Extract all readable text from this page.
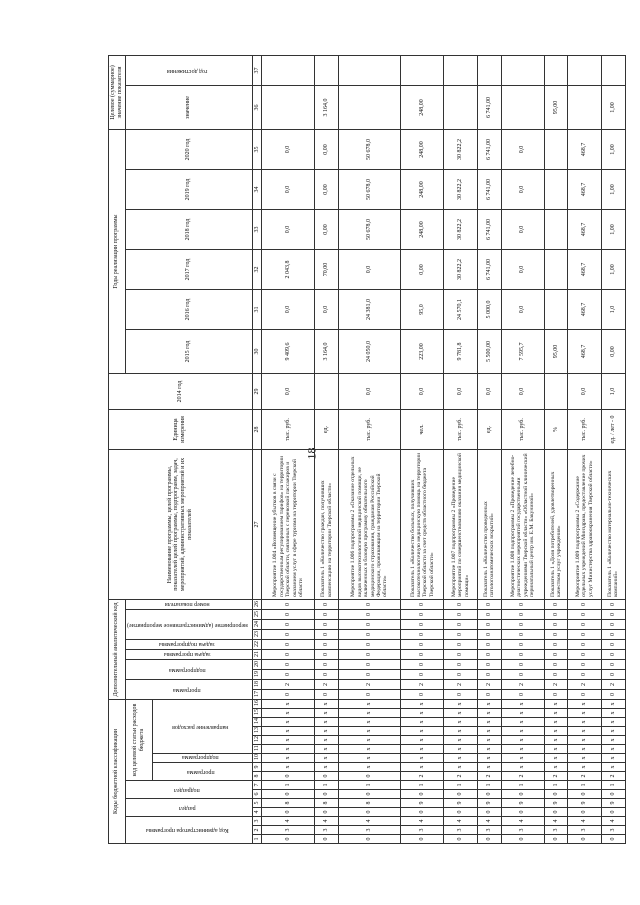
18
Коды бюджетной классификации																Дополнительный аналитический код										Наименование программы, целей программы, показателей целей программы, подпрограмм, задач, мероприятий, административных мероприятий и их показателей	Единица измерения	2014 год	Годы реализации программы						Целевое (суммарное) значение показателя	
Код администратора программы			раздел		подраздел		код целевой статьи расходов бюджета									программа		подпрограмма		задача программы	задача подпрограммы	мероприятие (административное мероприятие)			номер показателя				2015 год	2016 год	2017 год	2018 год	2019 год	2020 год	значение	год достижения
							программа		подпрограмма	направление расходов																										
1	2	3	4	5	6	7	8	9	10	11	12	13	14	15	16	17	18	19	20	21	22	23	24	25	26	27	28	29	30	31	32	33	34	35	36	37
0	3	4	0	8	0	1	0	x	x	x	x	x	x	x	x	0	2	0	0	0	0	0	0	0	0	Мероприятие 1.004 «Возмещение убытков в связи с государственным регулированием тарифов» на территории Тверской области, связанных с перевозкой пассажиров и оказанием услуг в сфере туризма на территории Тверской области	тыс. руб.	0,0	9 409,6	0,0	2 043,8	0,0	0,0	0,0		
0	3	4	0	8	0	1	0	x	x	x	x	x	x	x	x	0	2	0	0	0	0	0	0	0	0	Показатель 1 «Количество граждан, получивших компенсацию на территории Тверской области»	ед.		3 164,0	0,0	70,00	0,00	0,00	0,00	3 164,0	
0	3	4	0	8	0	1	0	x	x	x	x	x	x	x	x	0	2	0	0	0	0	0	0	0	0	Мероприятие 1.006 подпрограммы 2 «Оказание отдельных видов высокотехнологичной медицинской помощи, не включенных в базовую программу обязательного медицинского страхования, гражданам Российской Федерации, проживающим на территории Тверской области»	тыс. руб.	0,0	24 050,0	24 381,0	0,0	50 678,0	50 678,0	50 678,0		
0	3	4	0	9	0	1	2	x	x	x	x	x	x	x	x	0	2	0	0	0	0	0	0	0	0	Показатель 1 «Количество больных, получивших высокотехнологичную медицинскую помощь на территории Тверской области за счет средств областного бюджета Тверской области»	чел.	0,0	223,00	95,0	0,00	248,00	248,00	248,00	248,00	
0	3	4	0	9	0	1	2	x	x	x	x	x	x	x	x	0	2	0	0	0	0	0	0	0	0	Мероприятие 1.007 подпрограммы 2 «Проведение мероприятий по совершенствованию оказания медицинской помощи»	тыс. руб.	0,0	9 781,8	24 570,1	30 822,2	30 822,2	30 822,2	30 822,2		
0	3	4	0	9	0	1	2	x	x	x	x	x	x	x	x	0	2	0	0	0	0	0	0	0	0	Показатель 1 «Количество проведенных патологоанатомических вскрытий»	ед.	0,0	5 500,00	5 000,0	6 741,00	6 741,00	6 741,00	6 741,00	6 741,00	
0	3	4	0	9	0	1	2	x	x	x	x	x	x	x	x	0	2	0	0	0	0	0	0	0	0	Мероприятие 1.008 подпрограммы 2 «Проведение лечебно-диагностических мероприятий государственными учреждениями Тверской области» «Областной клинический перинатальный центр им. Е.М. Бакуниной»	тыс. руб.	0,0	7 595,7	0,0	0,0	0,0	0,0	0,0		
0	3	4	0	9	0	1	2	x	x	x	x	x	x	x	x	0	2	0	0	0	0	0	0	0	0	Показатель 1 «Доля потребителей, удовлетворенных качеством услуг учреждения»	%		95,00						95,00	
0	3	4	0	9	0	1	2	x	x	x	x	x	x	x	x	0	2	0	0	0	0	0	0	0	0	Мероприятие 1.009 подпрограммы 2 «Содержание отдельных учреждений Минздрава, предоставление прочих услуг Министерства здравоохранения Тверской области»	тыс. руб.	0,0	468,7	468,7	468,7	468,7	468,7	468,7		
0	3	4	0	9	0	1	2	x	x	x	x	x	x	x	x	0	2	0	0	0	0	0	0	0	0	Показатель 1 «Количество материально-технических компаний»	ед. / лет - 0	1,0	0,00	1,0	1,00	1,00	1,00	1,00	1,00	
